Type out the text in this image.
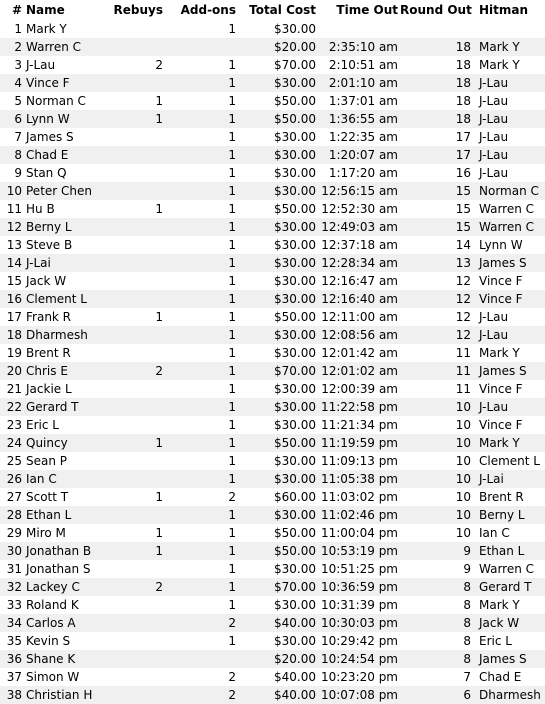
#	Name	Rebuys	Add-ons	Total Cost	Time Out	Round Out	Hitman
1	Mark Y		1	$30.00			
2	Warren C			$20.00	2:35:10 am	18	Mark Y
3	J-Lau	2	1	$70.00	2:10:51 am	18	Mark Y
4	Vince F		1	$30.00	2:01:10 am	18	J-Lau
5	Norman C	1	1	$50.00	1:37:01 am	18	J-Lau
6	Lynn W	1	1	$50.00	1:36:55 am	18	J-Lau
7	James S		1	$30.00	1:22:35 am	17	J-Lau
8	Chad E		1	$30.00	1:20:07 am	17	J-Lau
9	Stan Q		1	$30.00	1:17:20 am	16	J-Lau
10	Peter Chen		1	$30.00	12:56:15 am	15	Norman C
11	Hu B	1	1	$50.00	12:52:30 am	15	Warren C
12	Berny L		1	$30.00	12:49:03 am	15	Warren C
13	Steve B		1	$30.00	12:37:18 am	14	Lynn W
14	J-Lai		1	$30.00	12:28:34 am	13	James S
15	Jack W		1	$30.00	12:16:47 am	12	Vince F
16	Clement L		1	$30.00	12:16:40 am	12	Vince F
17	Frank R	1	1	$50.00	12:11:00 am	12	J-Lau
18	Dharmesh		1	$30.00	12:08:56 am	12	J-Lau
19	Brent R		1	$30.00	12:01:42 am	11	Mark Y
20	Chris E	2	1	$70.00	12:01:02 am	11	James S
21	Jackie L		1	$30.00	12:00:39 am	11	Vince F
22	Gerard T		1	$30.00	11:22:58 pm	10	J-Lau
23	Eric L		1	$30.00	11:21:34 pm	10	Vince F
24	Quincy	1	1	$50.00	11:19:59 pm	10	Mark Y
25	Sean P		1	$30.00	11:09:13 pm	10	Clement L
26	Ian C		1	$30.00	11:05:38 pm	10	J-Lai
27	Scott T	1	2	$60.00	11:03:02 pm	10	Brent R
28	Ethan L		1	$30.00	11:02:46 pm	10	Berny L
29	Miro M	1	1	$50.00	11:00:04 pm	10	Ian C
30	Jonathan B	1	1	$50.00	10:53:19 pm	9	Ethan L
31	Jonathan S		1	$30.00	10:51:25 pm	9	Warren C
32	Lackey C	2	1	$70.00	10:36:59 pm	8	Gerard T
33	Roland K		1	$30.00	10:31:39 pm	8	Mark Y
34	Carlos A		2	$40.00	10:30:03 pm	8	Jack W
35	Kevin S		1	$30.00	10:29:42 pm	8	Eric L
36	Shane K			$20.00	10:24:54 pm	8	James S
37	Simon W		2	$40.00	10:23:20 pm	7	Chad E
38	Christian H		2	$40.00	10:07:08 pm	6	Dharmesh
